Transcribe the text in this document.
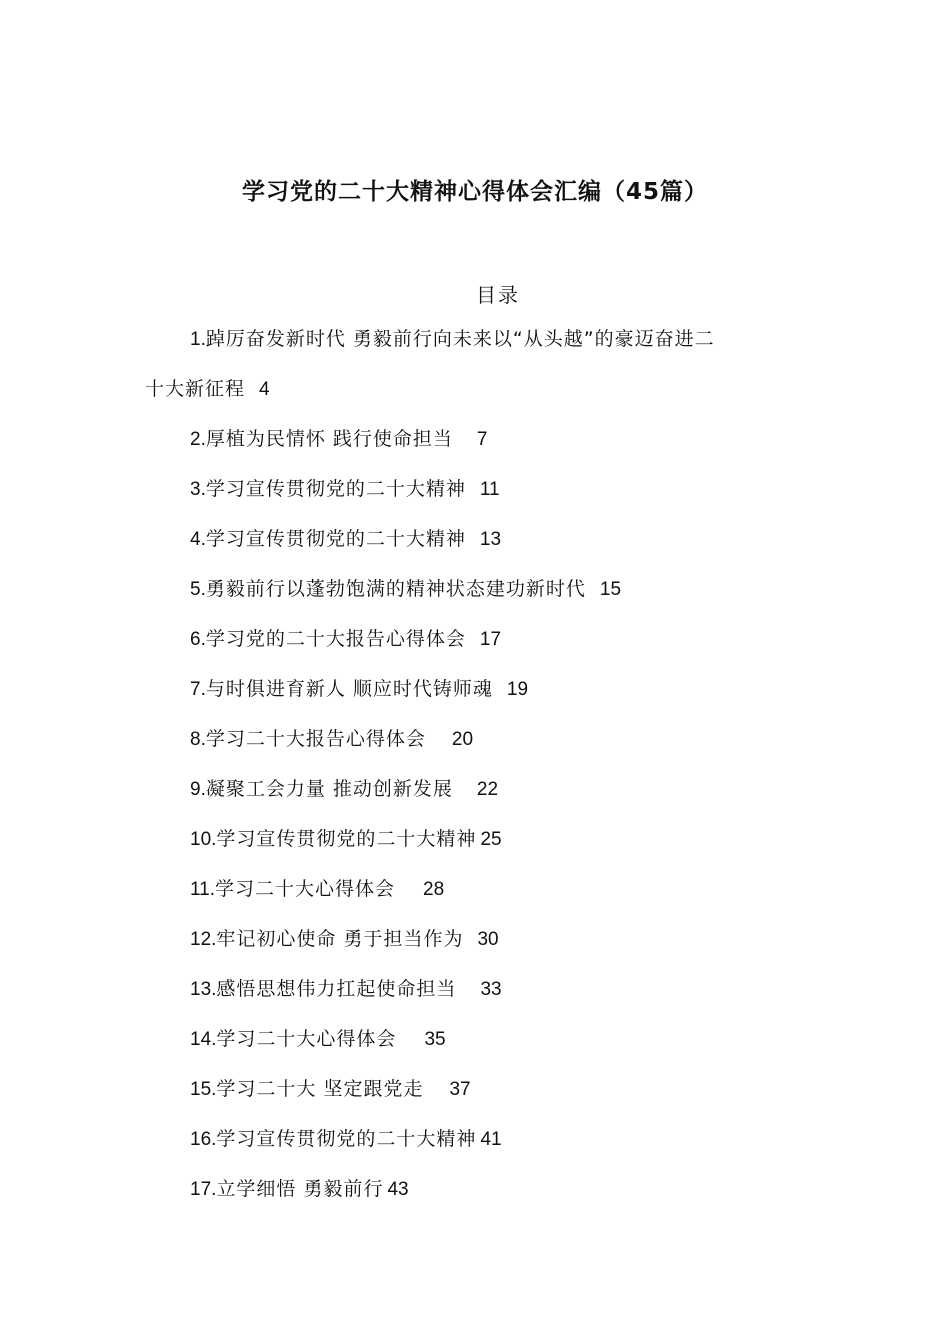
学习党的二十大精神心得体会汇编（45篇）
目录
1.踔厉奋发新时代 勇毅前行向未来以“从头越”的豪迈奋进二
十大新征程 4
2.厚植为民情怀 践行使命担当 7
3.学习宣传贯彻党的二十大精神 11
4.学习宣传贯彻党的二十大精神 13
5.勇毅前行以蓬勃饱满的精神状态建功新时代 15
6.学习党的二十大报告心得体会 17
7.与时俱进育新人 顺应时代铸师魂 19
8.学习二十大报告心得体会 20
9.凝聚工会力量 推动创新发展 22
10.学习宣传贯彻党的二十大精神 25
11.学习二十大心得体会 28
12.牢记初心使命 勇于担当作为 30
13.感悟思想伟力扛起使命担当 33
14.学习二十大心得体会 35
15.学习二十大 坚定跟党走 37
16.学习宣传贯彻党的二十大精神 41
17.立学细悟 勇毅前行 43
